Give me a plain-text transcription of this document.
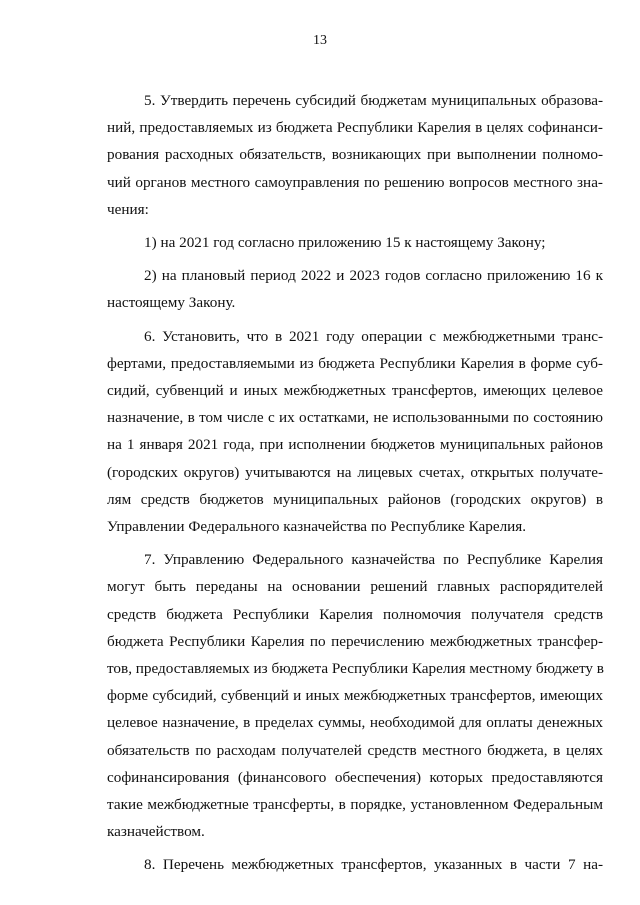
13
5. Утвердить перечень субсидий бюджетам муниципальных образова-
ний, предоставляемых из бюджета Республики Карелия в целях софинанси-
рования расходных обязательств, возникающих при выполнении полномо-
чий органов местного самоуправления по решению вопросов местного зна-
чения:
1) на 2021 год согласно приложению 15 к настоящему Закону;
2) на плановый период 2022 и 2023 годов согласно приложению 16 к
настоящему Закону.
6. Установить, что в 2021 году операции с межбюджетными транс-
фертами, предоставляемыми из бюджета Республики Карелия в форме суб-
сидий, субвенций и иных межбюджетных трансфертов, имеющих целевое
назначение, в том числе с их остатками, не использованными по состоянию
на 1 января 2021 года, при исполнении бюджетов муниципальных районов
(городских округов) учитываются на лицевых счетах, открытых получате-
лям средств бюджетов муниципальных районов (городских округов) в
Управлении Федерального казначейства по Республике Карелия.
7. Управлению Федерального казначейства по Республике Карелия
могут быть переданы на основании решений главных распорядителей
средств бюджета Республики Карелия полномочия получателя средств
бюджета Республики Карелия по перечислению межбюджетных трансфер-
тов, предоставляемых из бюджета Республики Карелия местному бюджету в
форме субсидий, субвенций и иных межбюджетных трансфертов, имеющих
целевое назначение, в пределах суммы, необходимой для оплаты денежных
обязательств по расходам получателей средств местного бюджета, в целях
софинансирования (финансового обеспечения) которых предоставляются
такие межбюджетные трансферты, в порядке, установленном Федеральным
казначейством.
8. Перечень межбюджетных трансфертов, указанных в части 7 на-
